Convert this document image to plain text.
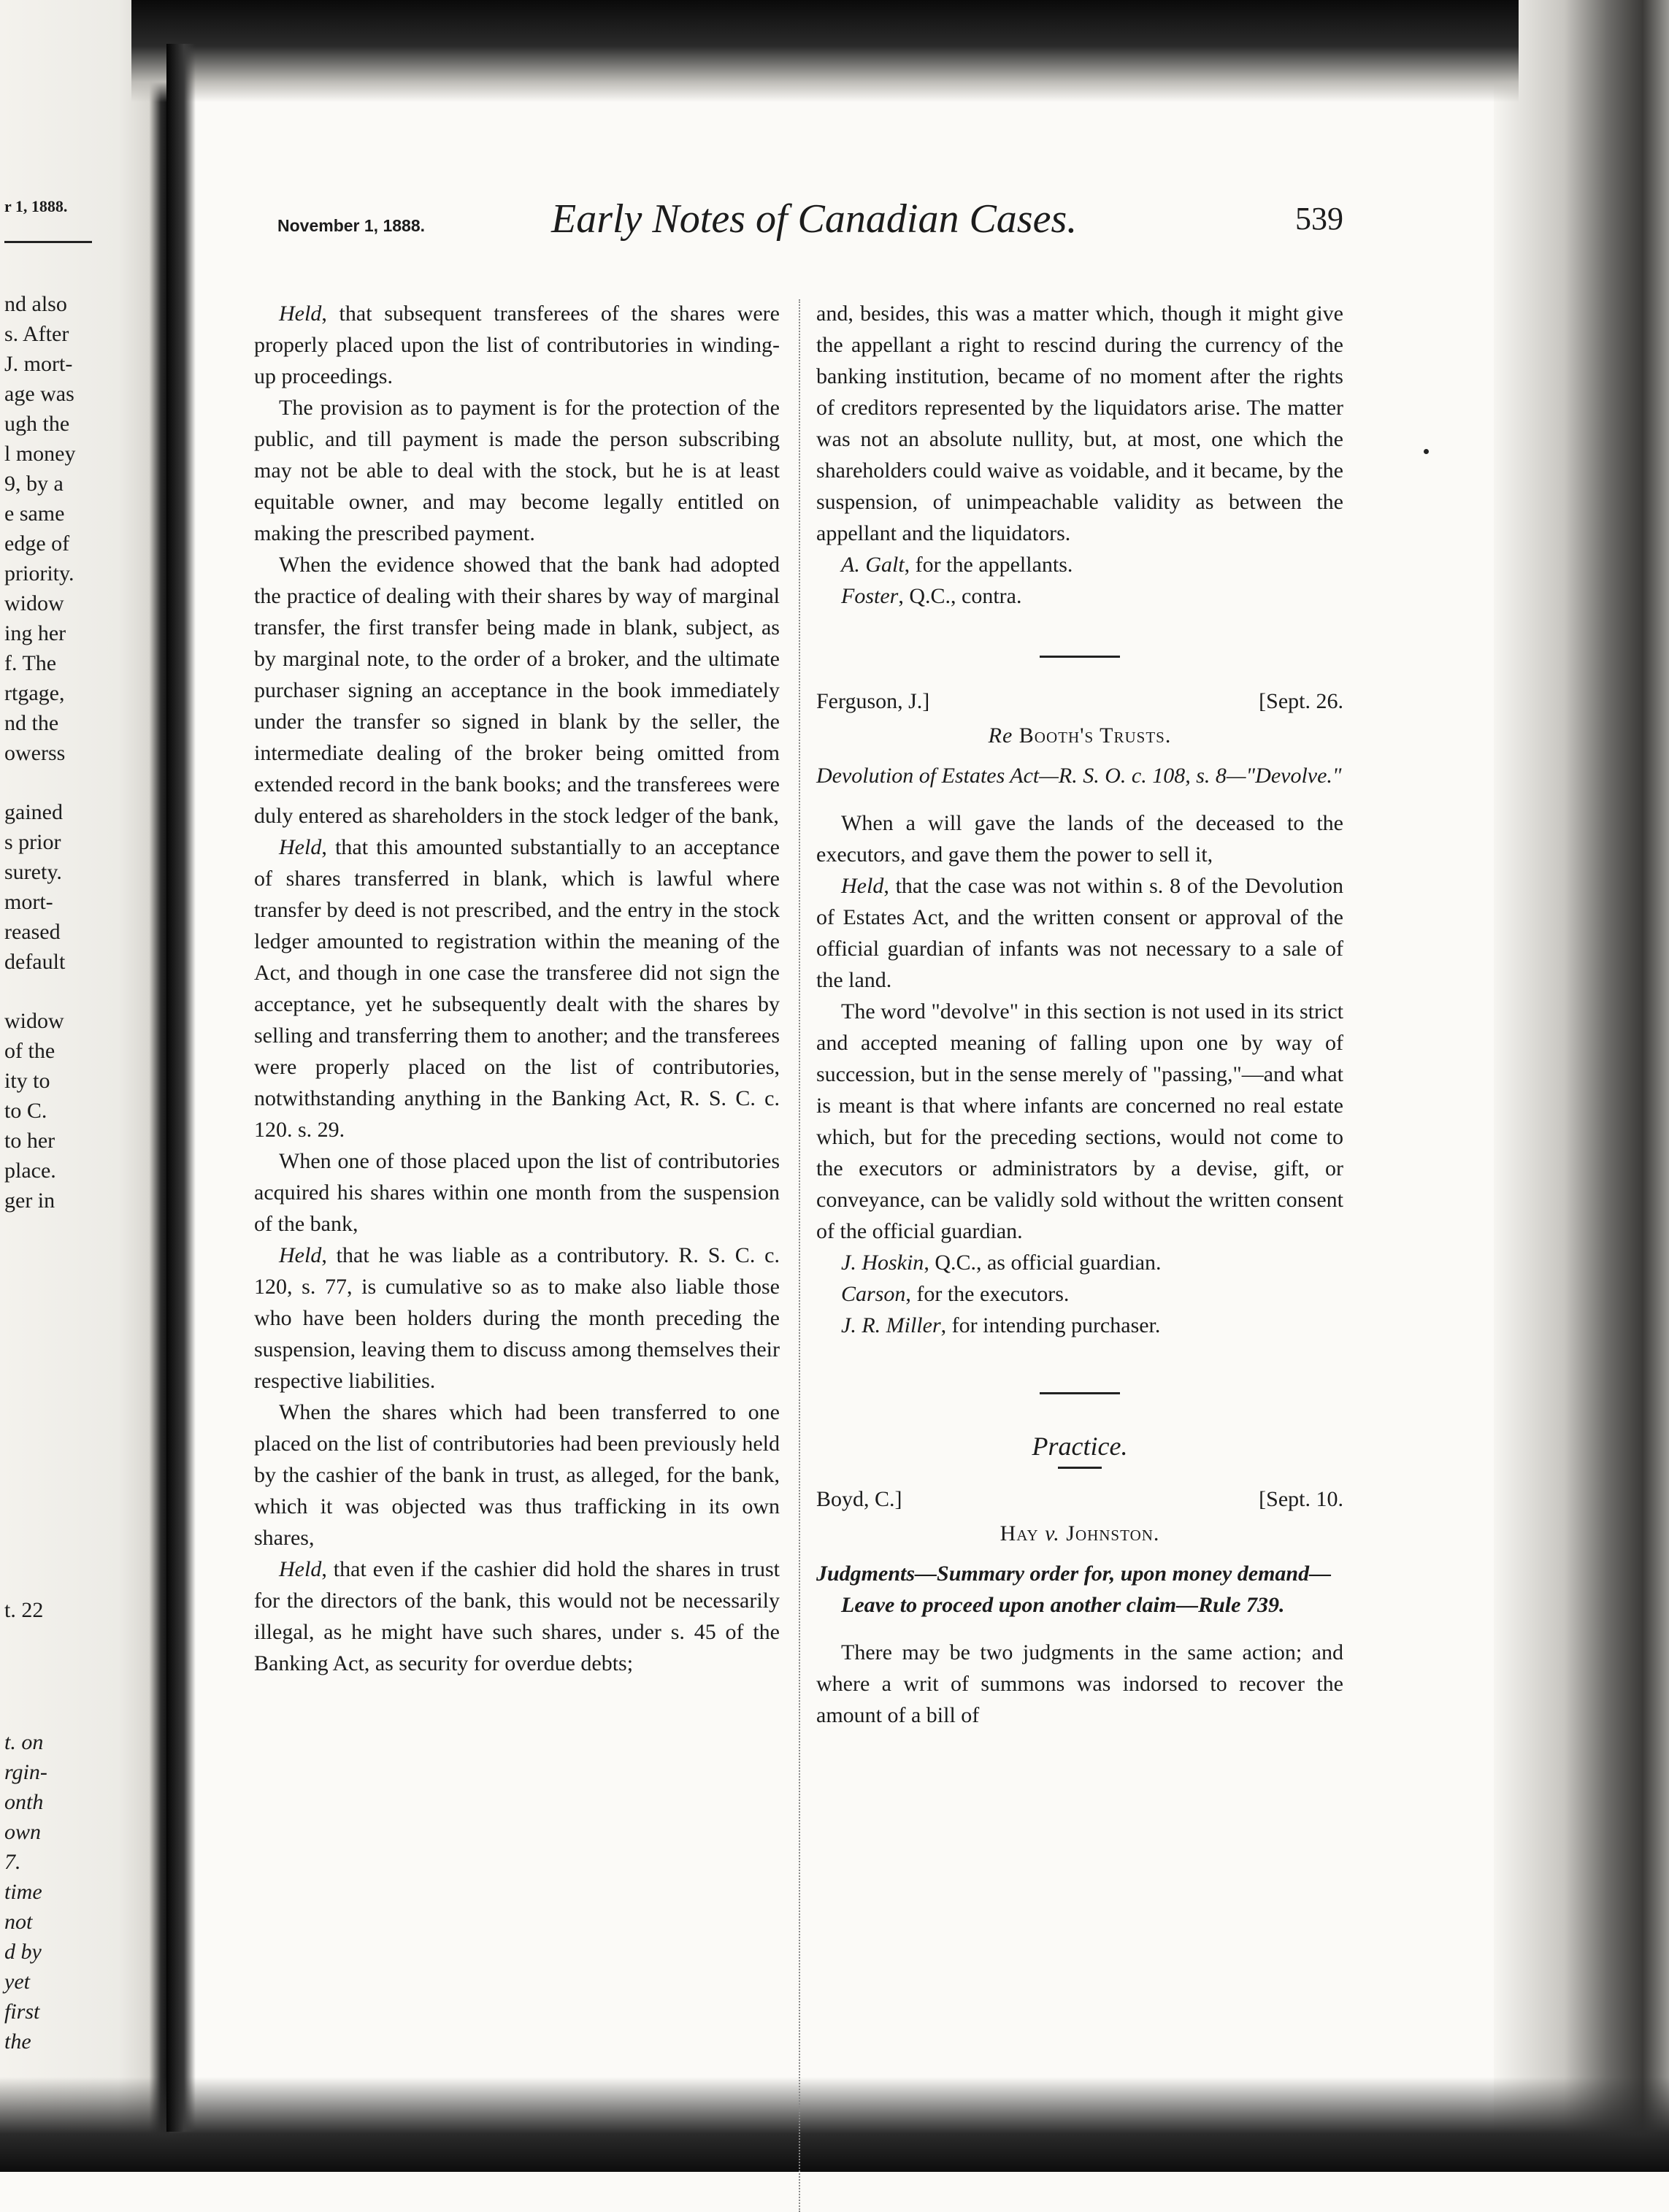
r 1, 1888.
nd also
s. After
J. mort-
age was
ugh the
l money
9, by a
e same
edge of
priority.
widow
ing her
f. The
rtgage,
nd the
owerss
gained
s prior
surety.
mort-
reased
default
widow
of the
ity to
to C.
to her
place.
ger in
t. 22
t. on
rgin-
onth
own
7.
time
not
d by
yet
first
the
November 1, 1888.	Early Notes of Canadian Cases.	539

Held, that subsequent transferees of the shares were properly placed upon the list of contributories in winding-up proceedings.

The provision as to payment is for the protection of the public, and till payment is made the person subscribing may not be able to deal with the stock, but he is at least equitable owner, and may become legally entitled on making the prescribed payment.

When the evidence showed that the bank had adopted the practice of dealing with their shares by way of marginal transfer, the first transfer being made in blank, subject, as by marginal note, to the order of a broker, and the ultimate purchaser signing an acceptance in the book immediately under the transfer so signed in blank by the seller, the intermediate dealing of the broker being omitted from extended record in the bank books; and the transferees were duly entered as shareholders in the stock ledger of the bank,

Held, that this amounted substantially to an acceptance of shares transferred in blank, which is lawful where transfer by deed is not prescribed, and the entry in the stock ledger amounted to registration within the meaning of the Act, and though in one case the transferee did not sign the acceptance, yet he subsequently dealt with the shares by selling and transferring them to another; and the transferees were properly placed on the list of contributories, notwithstanding anything in the Banking Act, R. S. C. c. 120. s. 29.

When one of those placed upon the list of contributories acquired his shares within one month from the suspension of the bank,

Held, that he was liable as a contributory. R. S. C. c. 120, s. 77, is cumulative so as to make also liable those who have been holders during the month preceding the suspension, leaving them to discuss among themselves their respective liabilities.

When the shares which had been transferred to one placed on the list of contributories had been previously held by the cashier of the bank in trust, as alleged, for the bank, which it was objected was thus trafficking in its own shares,

Held, that even if the cashier did hold the shares in trust for the directors of the bank, this would not be necessarily illegal, as he might have such shares, under s. 45 of the Banking Act, as security for overdue debts;

and, besides, this was a matter which, though it might give the appellant a right to rescind during the currency of the banking institution, became of no moment after the rights of creditors represented by the liquidators arise. The matter was not an absolute nullity, but, at most, one which the shareholders could waive as voidable, and it became, by the suspension, of unimpeachable validity as between the appellant and the liquidators.

A. Galt, for the appellants.

Foster, Q.C., contra.

Ferguson, J.]	[Sept. 26.
Re Booth's Trusts.
Devolution of Estates Act—R. S. O. c. 108, s. 8—"Devolve."

When a will gave the lands of the deceased to the executors, and gave them the power to sell it,

Held, that the case was not within s. 8 of the Devolution of Estates Act, and the written consent or approval of the official guardian of infants was not necessary to a sale of the land.

The word "devolve" in this section is not used in its strict and accepted meaning of falling upon one by way of succession, but in the sense merely of "passing,"—and what is meant is that where infants are concerned no real estate which, but for the preceding sections, would not come to the executors or administrators by a devise, gift, or conveyance, can be validly sold without the written consent of the official guardian.

J. Hoskin, Q.C., as official guardian.

Carson, for the executors.

J. R. Miller, for intending purchaser.

Practice.
Boyd, C.]	[Sept. 10.
Hay v. Johnston.
Judgments—Summary order for, upon money demand—Leave to proceed upon another claim—Rule 739.

There may be two judgments in the same action; and where a writ of summons was indorsed to recover the amount of a bill of
